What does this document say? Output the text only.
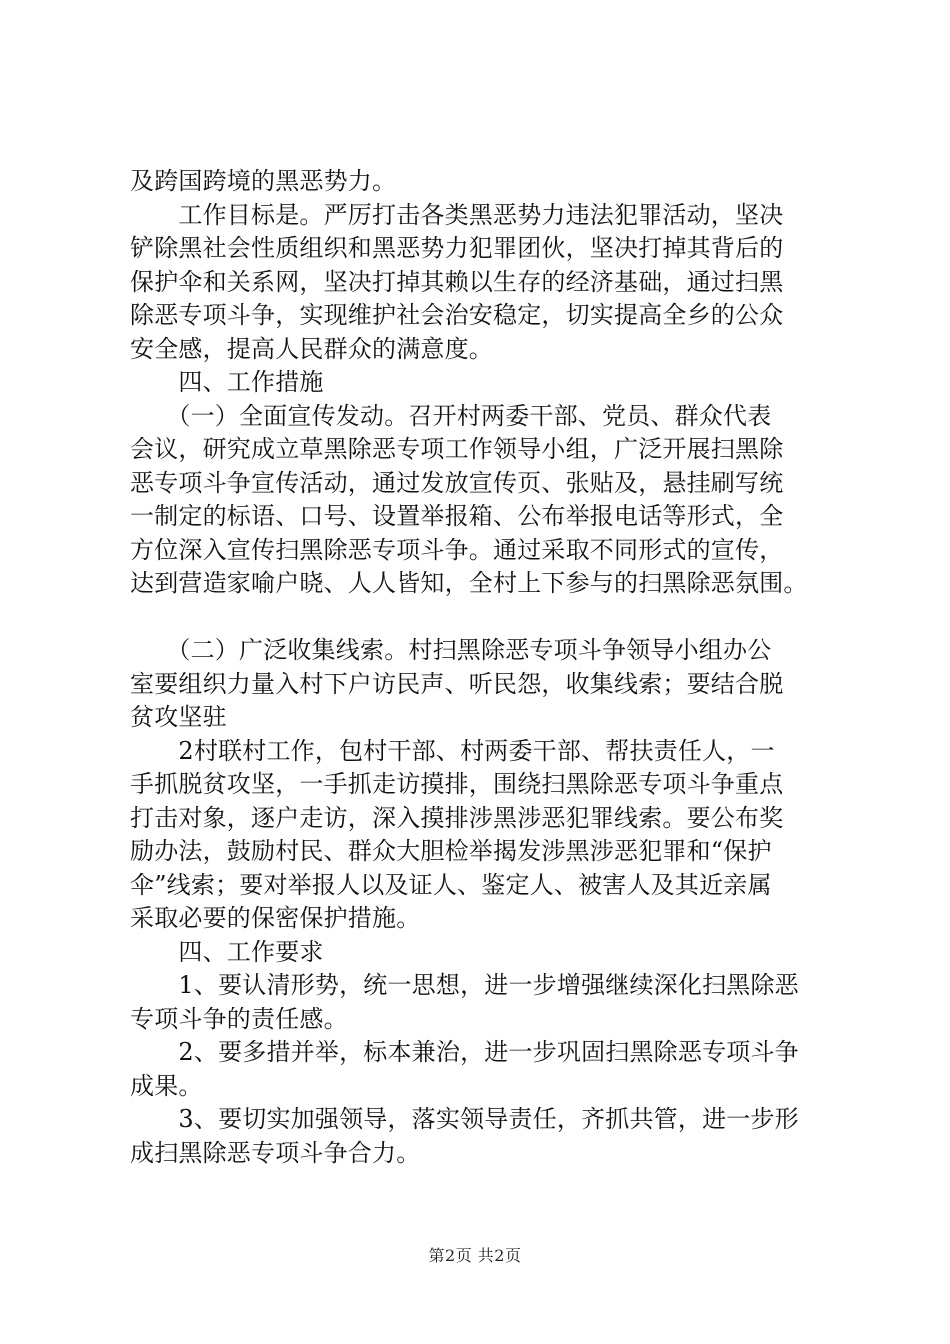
及跨国跨境的黑恶势力。
　　工作目标是。严厉打击各类黑恶势力违法犯罪活动，坚决
铲除黑社会性质组织和黑恶势力犯罪团伙，坚决打掉其背后的
保护伞和关系网，坚决打掉其赖以生存的经济基础，通过扫黑
除恶专项斗争，实现维护社会治安稳定，切实提高全乡的公众
安全感，提高人民群众的满意度。
　　四、工作措施
　　（一）全面宣传发动。召开村两委干部、党员、群众代表
会议，研究成立草黑除恶专项工作领导小组，广泛开展扫黑除
恶专项斗争宣传活动，通过发放宣传页、张贴及，悬挂刷写统
一制定的标语、口号、设置举报箱、公布举报电话等形式，全
方位深入宣传扫黑除恶专项斗争。通过采取不同形式的宣传，
达到营造家喻户晓、人人皆知，全村上下参与的扫黑除恶氛围。
　　（二）广泛收集线索。村扫黑除恶专项斗争领导小组办公
室要组织力量入村下户访民声、听民怨，收集线索；要结合脱
贫攻坚驻
　　2村联村工作，包村干部、村两委干部、帮扶责任人，一
手抓脱贫攻坚，一手抓走访摸排，围绕扫黑除恶专项斗争重点
打击对象，逐户走访，深入摸排涉黑涉恶犯罪线索。要公布奖
励办法，鼓励村民、群众大胆检举揭发涉黑涉恶犯罪和“保护
伞”线索；要对举报人以及证人、鉴定人、被害人及其近亲属
采取必要的保密保护措施。
　　四、工作要求
　　1、要认清形势，统一思想，进一步增强继续深化扫黑除恶
专项斗争的责任感。
　　2、要多措并举，标本兼治，进一步巩固扫黑除恶专项斗争
成果。
　　3、要切实加强领导，落实领导责任，齐抓共管，进一步形
成扫黑除恶专项斗争合力。
第2页 共2页
